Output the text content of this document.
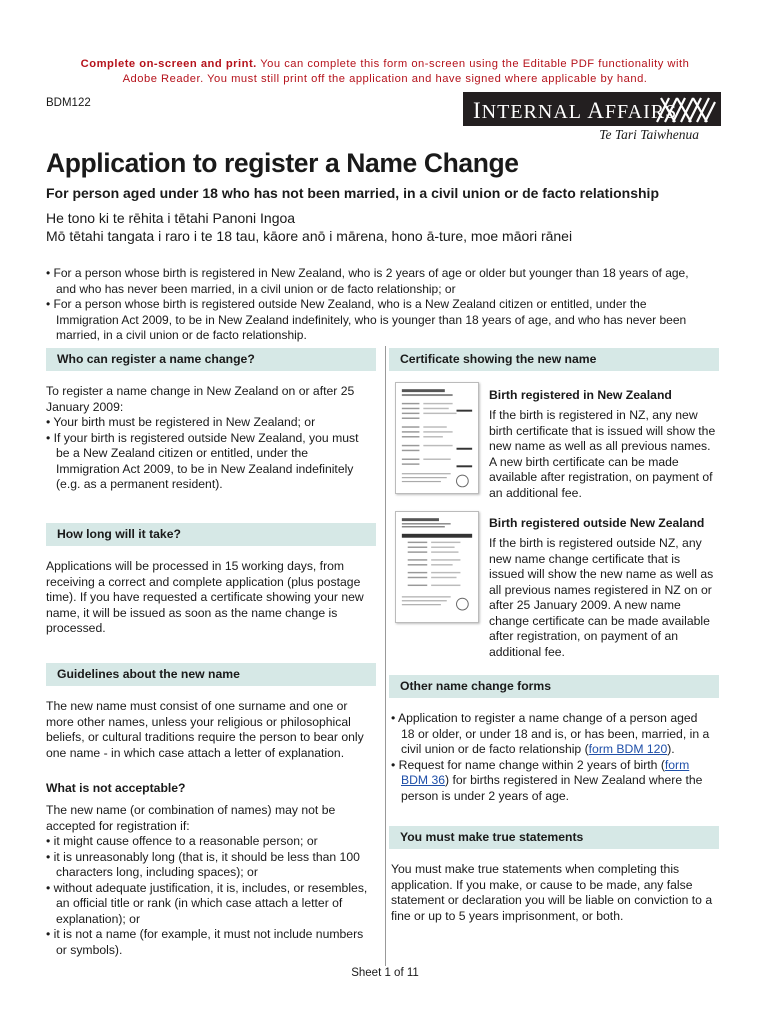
Complete on-screen and print. You can complete this form on-screen using the Editable PDF functionality with
Adobe Reader. You must still print off the application and have signed where applicable by hand.
BDM122	INTERNAL AFFAIRS
Te Tari Taiwhenua
Application to register a Name Change
For person aged under 18 who has not been married, in a civil union or de facto relationship
He tono ki te rēhita i tētahi Panoni Ingoa
Mō tētahi tangata i raro i te 18 tau, kāore anō i mārena, hono ā-ture, moe māori rānei
• For a person whose birth is registered in New Zealand, who is 2 years of age or older but younger than 18 years of age,
and who has never been married, in a civil union or de facto relationship; or
• For a person whose birth is registered outside New Zealand, who is a New Zealand citizen or entitled, under the
Immigration Act 2009, to be in New Zealand indefinitely, who is younger than 18 years of age, and who has never been
married, in a civil union or de facto relationship.
Who can register a name change?
To register a name change in New Zealand on or after 25
January 2009:
• Your birth must be registered in New Zealand; or
• If your birth is registered outside New Zealand, you must
be a New Zealand citizen or entitled, under the
Immigration Act 2009, to be in New Zealand indefinitely
(e.g. as a permanent resident).
How long will it take?
Applications will be processed in 15 working days, from
receiving a correct and complete application (plus postage
time). If you have requested a certificate showing your new
name, it will be issued as soon as the name change is
processed.
Guidelines about the new name
The new name must consist of one surname and one or
more other names, unless your religious or philosophical
beliefs, or cultural traditions require the person to bear only
one name - in which case attach a letter of explanation.
What is not acceptable?
The new name (or combination of names) may not be
accepted for registration if:
• it might cause offence to a reasonable person; or
• it is unreasonably long (that is, it should be less than 100
characters long, including spaces); or
• without adequate justification, it is, includes, or resembles,
an official title or rank (in which case attach a letter of
explanation); or
• it is not a name (for example, it must not include numbers
or symbols).
Certificate showing the new name
Birth registered in New Zealand
If the birth is registered in NZ, any new
birth certificate that is issued will show the
new name as well as all previous names.
A new birth certificate can be made
available after registration, on payment of
an additional fee.
Birth registered outside New Zealand
If the birth is registered outside NZ, any
new name change certificate that is
issued will show the new name as well as
all previous names registered in NZ on or
after 25 January 2009. A new name
change certificate can be made available
after registration, on payment of an
additional fee.
Other name change forms
• Application to register a name change of a person aged
18 or older, or under 18 and is, or has been, married, in a
civil union or de facto relationship (form BDM 120).
• Request for name change within 2 years of birth (form
BDM 36) for births registered in New Zealand where the
person is under 2 years of age.
You must make true statements
You must make true statements when completing this
application. If you make, or cause to be made, any false
statement or declaration you will be liable on conviction to a
fine or up to 5 years imprisonment, or both.
Sheet 1 of 11
